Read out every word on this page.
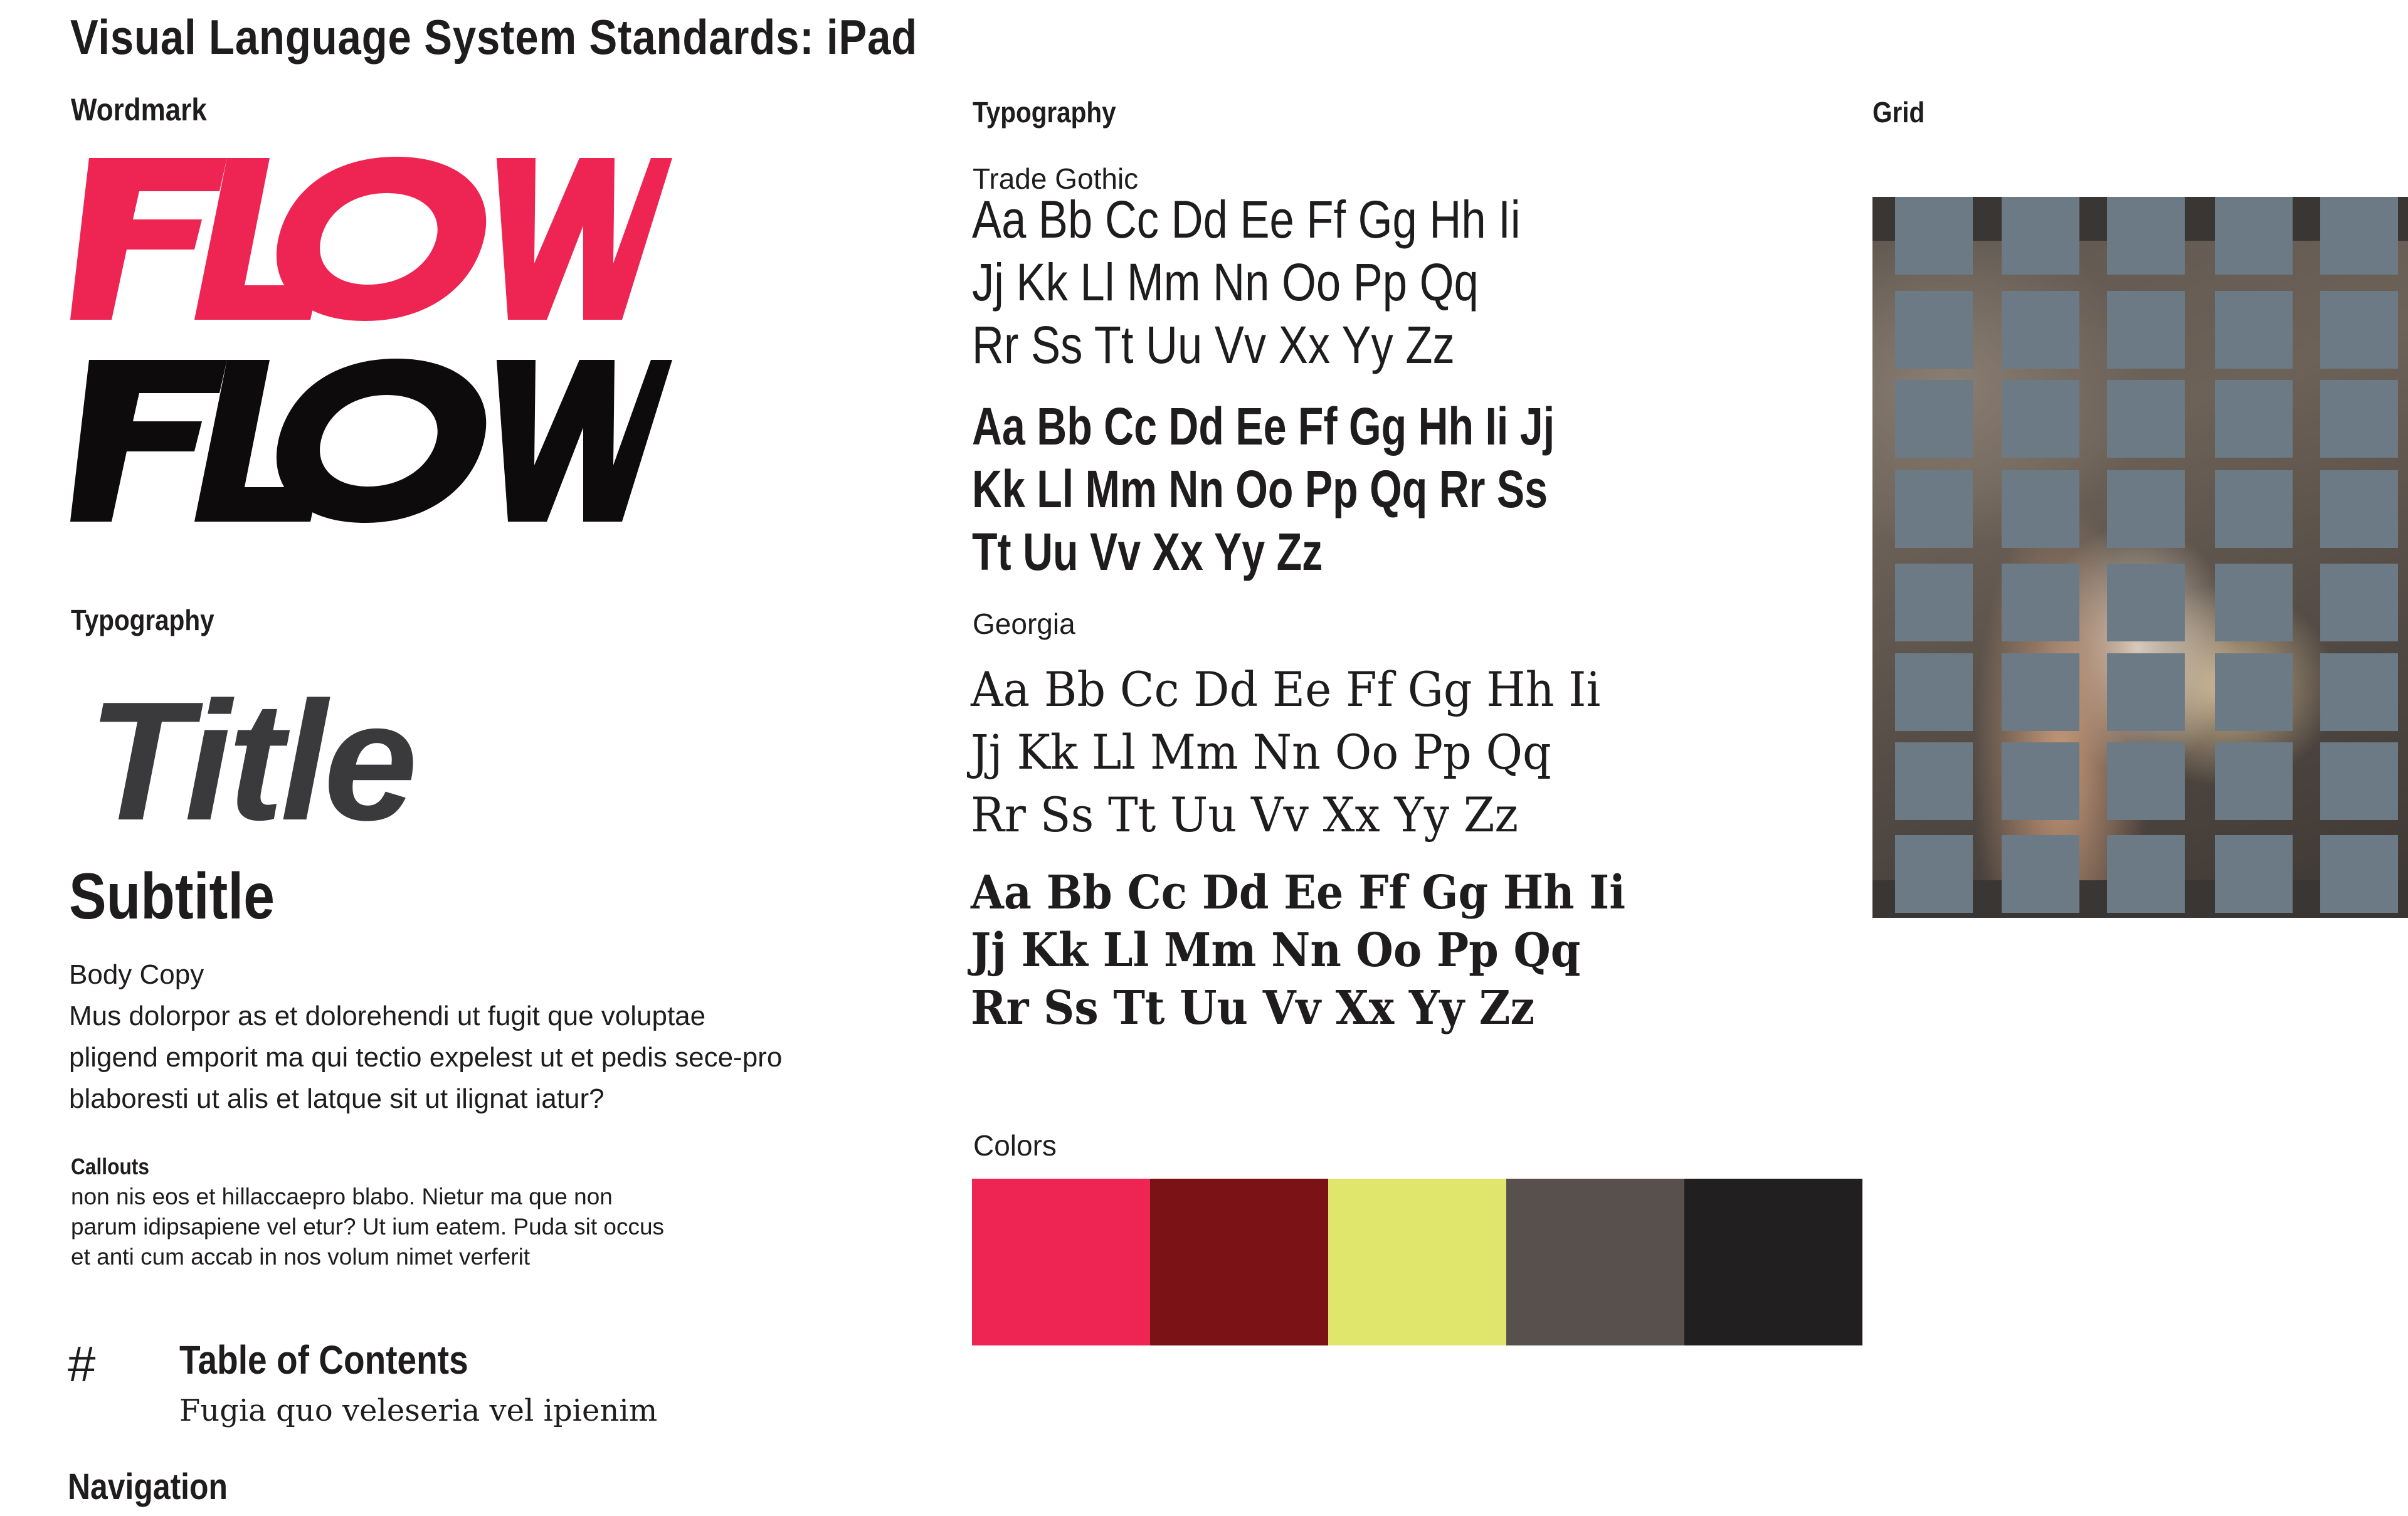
Visual Language System Standards: iPad
Wordmark
Typography
Title
Subtitle
Body Copy
Mus dolorpor as et dolorehendi ut fugit que voluptae pligend emporit ma qui tectio expelest ut et pedis sece-pro blaboresti ut alis et latque sit ut ilignat iatur?
Callouts
non nis eos et hillaccaepro blabo. Nietur ma que non parum idipsapiene vel etur? Ut ium eatem. Puda sit occus et anti cum accab in nos volum nimet verferit
# Table of Contents
Fugia quo veleseria vel ipienim
Navigation
Typography
Trade Gothic
Aa Bb Cc Dd Ee Ff Gg Hh Ii
Jj Kk Ll Mm Nn Oo Pp Qq
Rr Ss Tt Uu Vv Xx Yy Zz
Aa Bb Cc Dd Ee Ff Gg Hh Ii Jj
Kk Ll Mm Nn Oo Pp Qq Rr Ss
Tt Uu Vv Xx Yy Zz
Georgia
Aa Bb Cc Dd Ee Ff Gg Hh Ii
Jj Kk Ll Mm Nn Oo Pp Qq
Rr Ss Tt Uu Vv Xx Yy Zz
Aa Bb Cc Dd Ee Ff Gg Hh Ii
Jj Kk Ll Mm Nn Oo Pp Qq
Rr Ss Tt Uu Vv Xx Yy Zz
Colors
Grid
